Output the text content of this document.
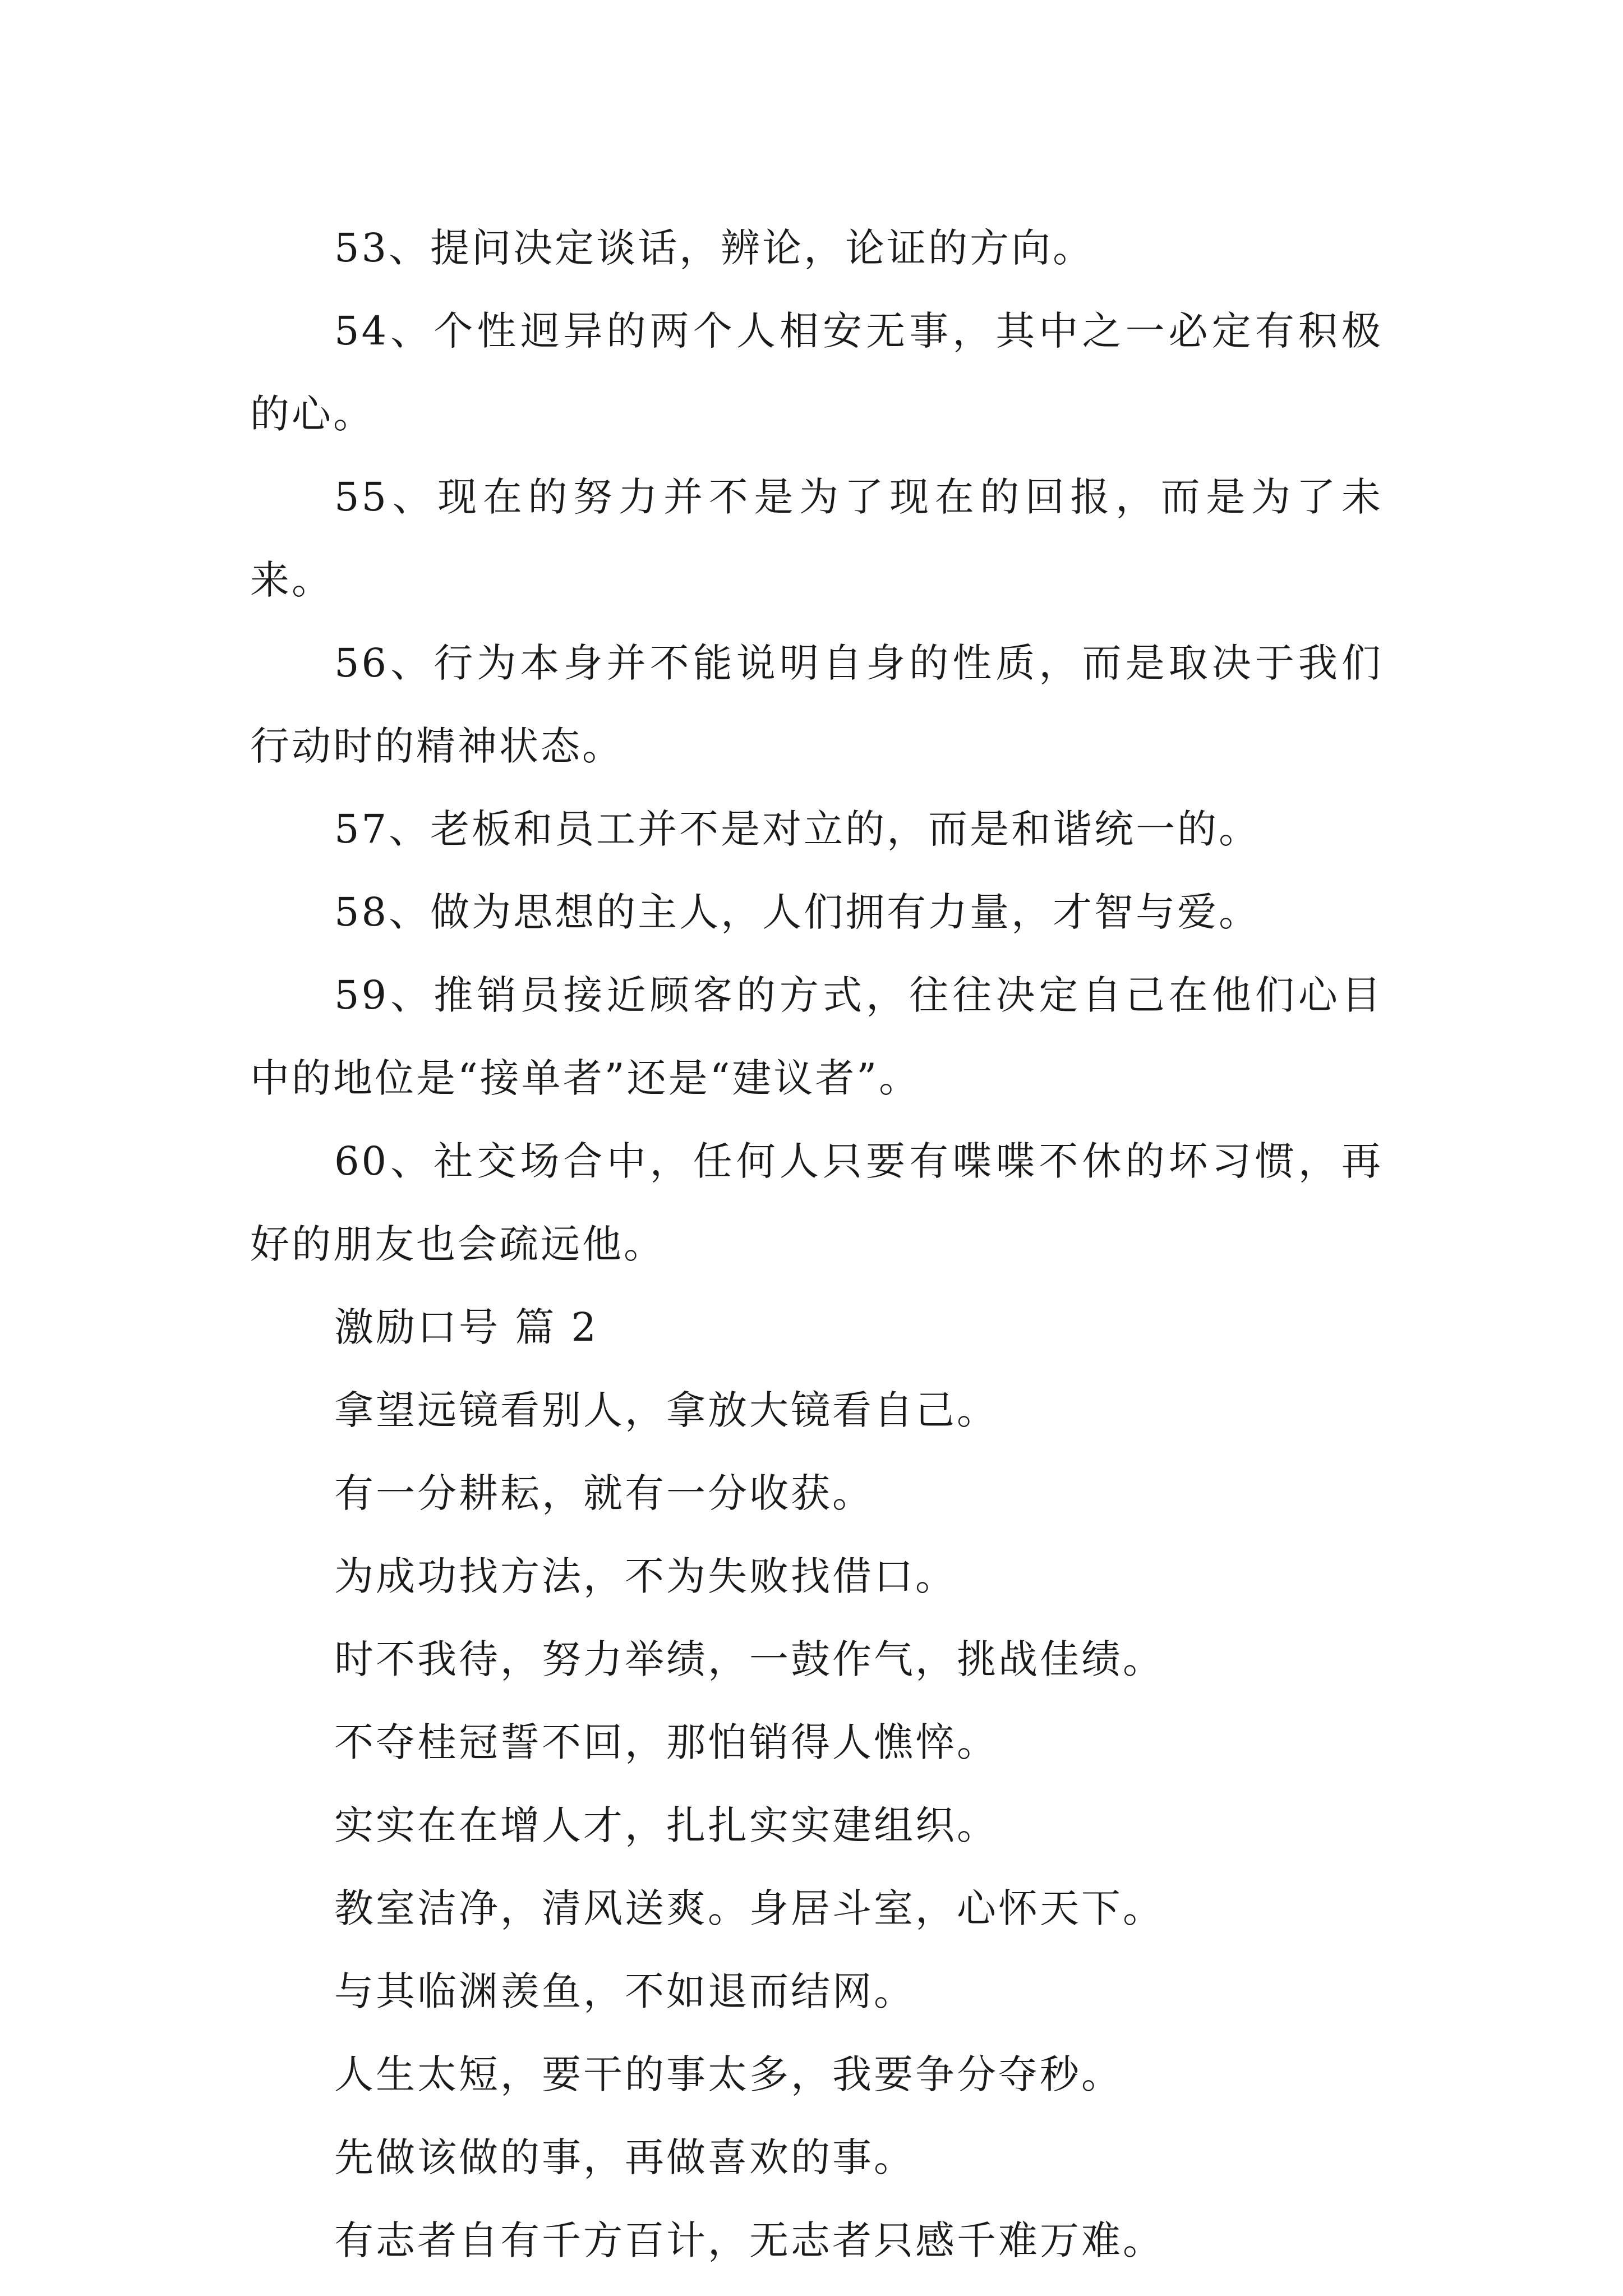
53、提问决定谈话，辨论，论证的方向。

54、个性迥异的两个人相安无事，其中之一必定有积极的心。

55、现在的努力并不是为了现在的回报，而是为了未来。

56、行为本身并不能说明自身的性质，而是取决于我们行动时的精神状态。

57、老板和员工并不是对立的，而是和谐统一的。

58、做为思想的主人，人们拥有力量，才智与爱。

59、推销员接近顾客的方式，往往决定自己在他们心目中的地位是“接单者”还是“建议者”。

60、社交场合中，任何人只要有喋喋不休的坏习惯，再好的朋友也会疏远他。

激励口号 篇 2

拿望远镜看别人，拿放大镜看自己。

有一分耕耘，就有一分收获。

为成功找方法，不为失败找借口。

时不我待，努力举绩，一鼓作气，挑战佳绩。

不夺桂冠誓不回，那怕销得人憔悴。

实实在在增人才，扎扎实实建组织。

教室洁净，清风送爽。身居斗室，心怀天下。

与其临渊羡鱼，不如退而结网。

人生太短，要干的事太多，我要争分夺秒。

先做该做的事，再做喜欢的事。

有志者自有千方百计，无志者只感千难万难。
